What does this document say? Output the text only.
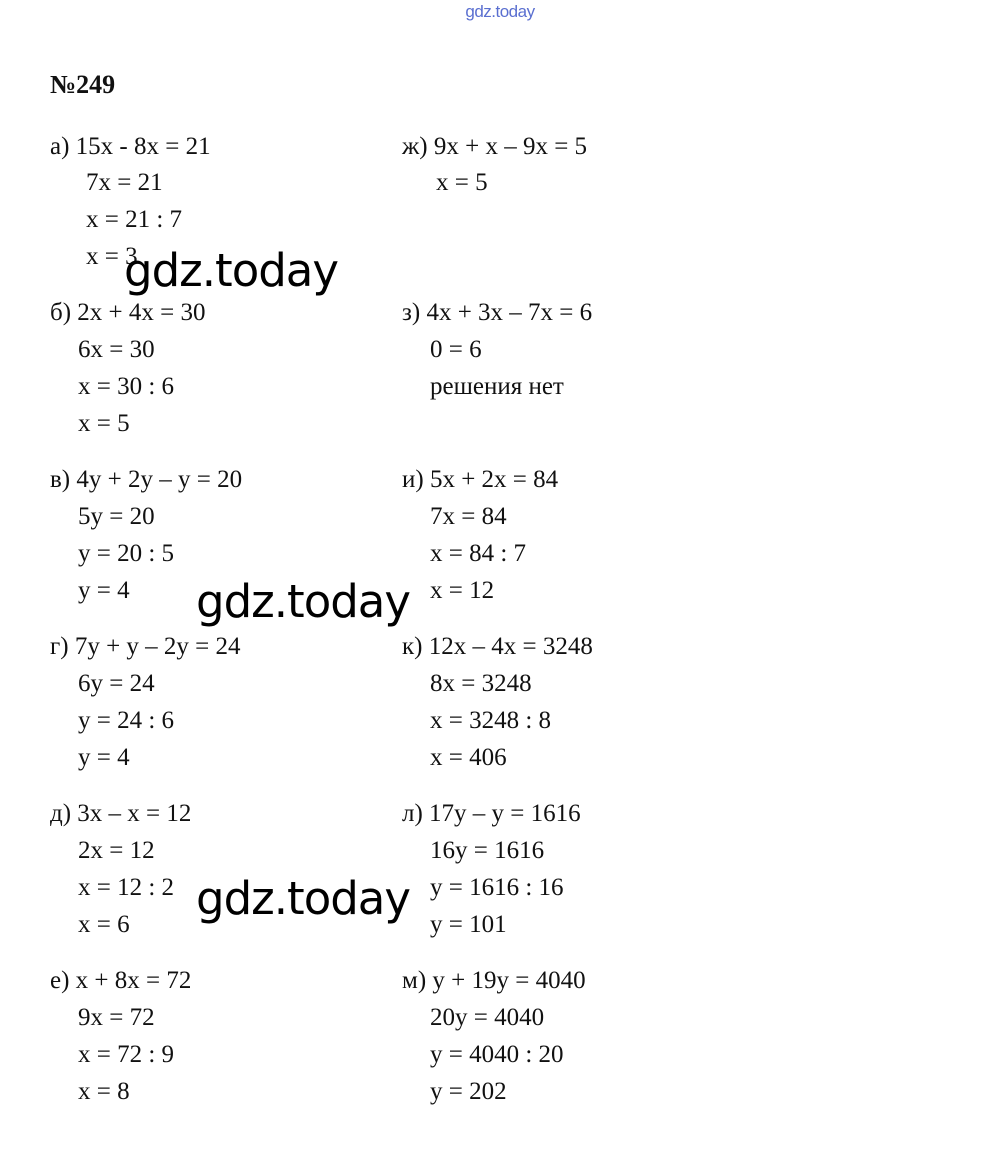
gdz.today
№249
а) 15x - 8x = 21
7x = 21
x = 21 : 7
x = 3
б) 2x + 4x = 30
6x = 30
x = 30 : 6
x = 5
в) 4y + 2y – y = 20
5y = 20
y = 20 : 5
y = 4
г) 7y + y – 2y = 24
6y = 24
y = 24 : 6
y = 4
д) 3x – x = 12
2x = 12
x = 12 : 2
x = 6
е) x + 8x = 72
9x = 72
x = 72 : 9
x = 8
ж) 9x + x – 9x = 5
x = 5
з) 4x + 3x – 7x = 6
0 = 6
решения нет
и) 5x + 2x = 84
7x = 84
x = 84 : 7
x = 12
к) 12x – 4x = 3248
8x = 3248
x = 3248 : 8
x = 406
л) 17y – y = 1616
16y = 1616
y = 1616 : 16
y = 101
м) y + 19y = 4040
20y = 4040
y = 4040 : 20
y = 202
gdz.today
gdz.today
gdz.today
